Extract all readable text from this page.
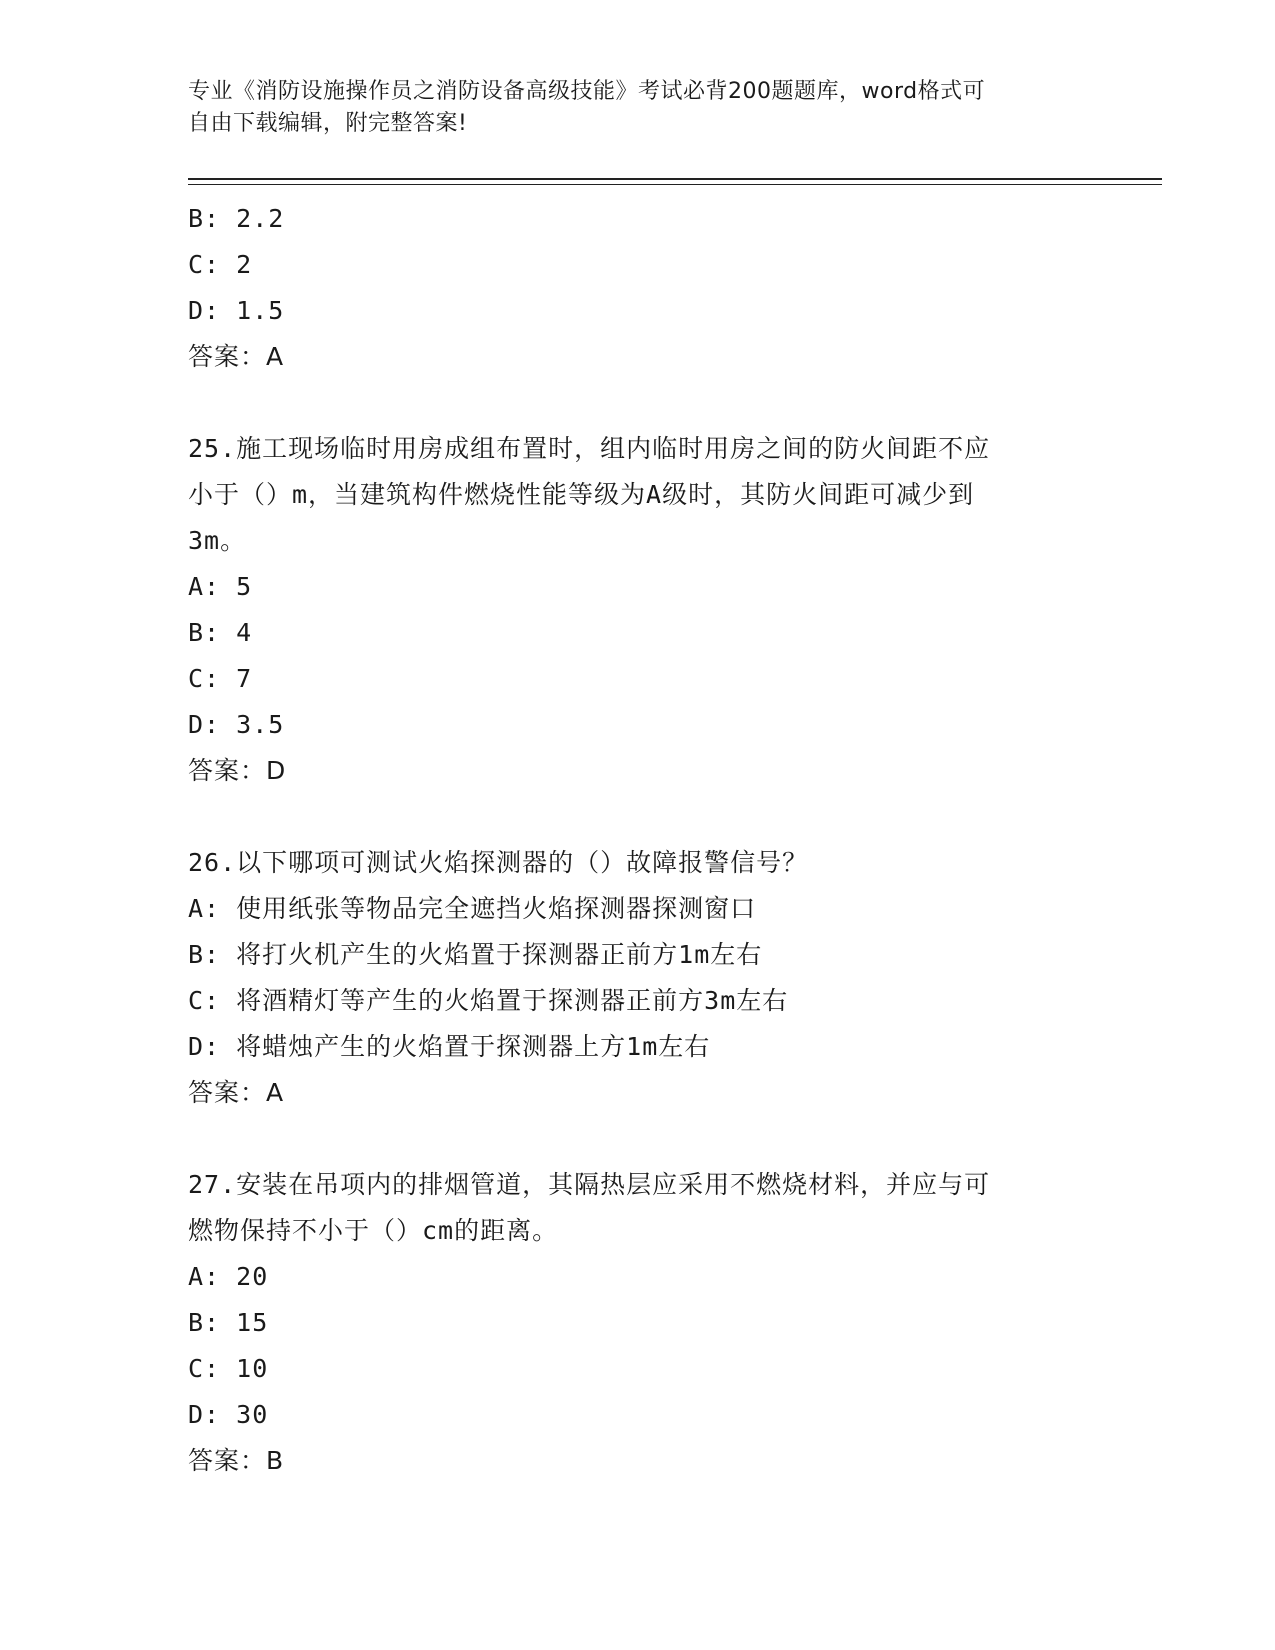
专业《消防设施操作员之消防设备高级技能》考试必背200题题库，word格式可
自由下载编辑，附完整答案!
B: 2.2
C: 2
D: 1.5
答案：A
25.施工现场临时用房成组布置时，组内临时用房之间的防火间距不应
小于（）m，当建筑构件燃烧性能等级为A级时，其防火间距可减少到
3m。
A: 5
B: 4
C: 7
D: 3.5
答案：D
26.以下哪项可测试火焰探测器的（）故障报警信号？
A: 使用纸张等物品完全遮挡火焰探测器探测窗口
B: 将打火机产生的火焰置于探测器正前方1m左右
C: 将酒精灯等产生的火焰置于探测器正前方3m左右
D: 将蜡烛产生的火焰置于探测器上方1m左右
答案：A
27.安装在吊项内的排烟管道，其隔热层应采用不燃烧材料，并应与可
燃物保持不小于（）cm的距离。
A: 20
B: 15
C: 10
D: 30
答案：B
